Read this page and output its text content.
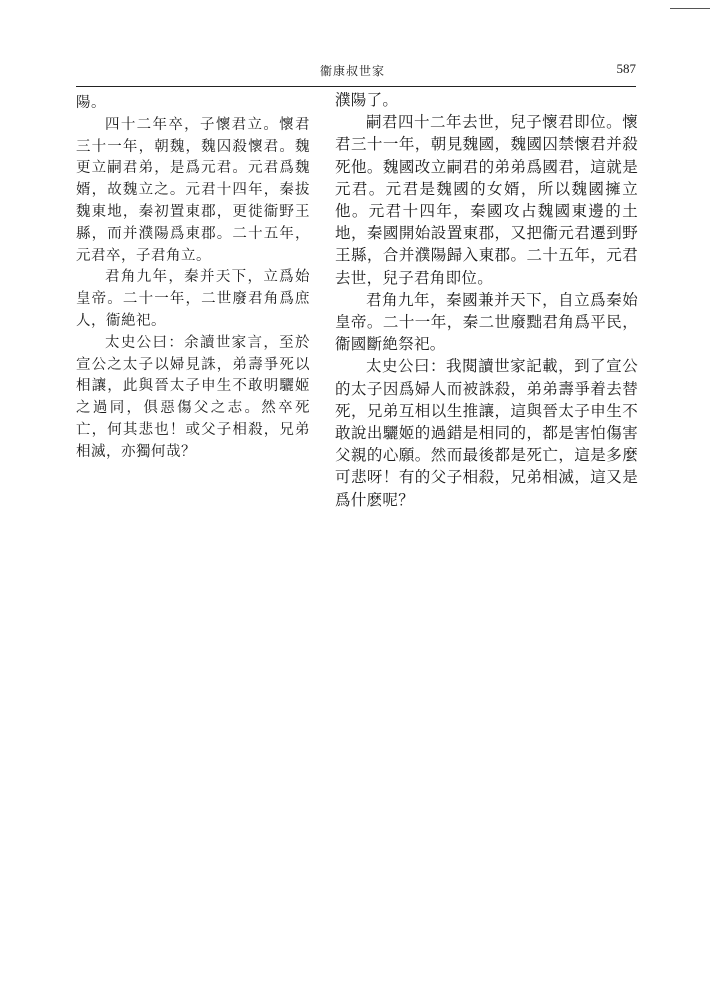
衞康叔世家	587

陽。

四十二年卒，子懷君立。懷君三十一年，朝魏，魏囚殺懷君。魏更立嗣君弟，是爲元君。元君爲魏婿，故魏立之。元君十四年，秦拔魏東地，秦初置東郡，更徙衞野王縣，而并濮陽爲東郡。二十五年，元君卒，子君角立。

君角九年，秦并天下，立爲始皇帝。二十一年，二世廢君角爲庶人，衞絶祀。

太史公曰：余讀世家言，至於宣公之太子以婦見誅，弟壽爭死以相讓，此與晉太子申生不敢明驪姬之過同，俱惡傷父之志。然卒死亡，何其悲也！或父子相殺，兄弟相滅，亦獨何哉？

濮陽了。

嗣君四十二年去世，兒子懷君即位。懷君三十一年，朝見魏國，魏國囚禁懷君并殺死他。魏國改立嗣君的弟弟爲國君，這就是元君。元君是魏國的女婿，所以魏國擁立他。元君十四年，秦國攻占魏國東邊的土地，秦國開始設置東郡，又把衞元君遷到野王縣，合并濮陽歸入東郡。二十五年，元君去世，兒子君角即位。

君角九年，秦國兼并天下，自立爲秦始皇帝。二十一年，秦二世廢黜君角爲平民，衞國斷絶祭祀。

太史公曰：我閱讀世家記載，到了宣公的太子因爲婦人而被誅殺，弟弟壽爭着去替死，兄弟互相以生推讓，這與晉太子申生不敢說出驪姬的過錯是相同的，都是害怕傷害父親的心願。然而最後都是死亡，這是多麼可悲呀！有的父子相殺，兄弟相滅，這又是爲什麽呢？
